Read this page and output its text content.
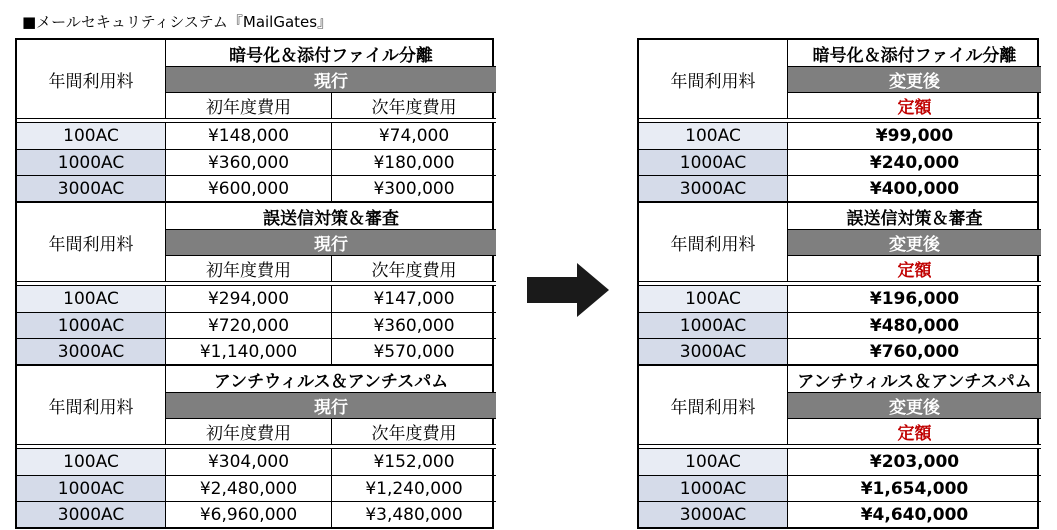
■メールセキュリティシステム『MailGates』
年間利用料
暗号化＆添付ファイル分離
現行
初年度費用	次年度費用
100AC	¥148,000	¥74,000
1000AC	¥360,000	¥180,000
3000AC	¥600,000	¥300,000
年間利用料
誤送信対策＆審査
現行
初年度費用	次年度費用
100AC	¥294,000	¥147,000
1000AC	¥720,000	¥360,000
3000AC	¥1,140,000	¥570,000
年間利用料
アンチウィルス＆アンチスパム
現行
初年度費用	次年度費用
100AC	¥304,000	¥152,000
1000AC	¥2,480,000	¥1,240,000
3000AC	¥6,960,000	¥3,480,000
年間利用料
暗号化＆添付ファイル分離
変更後
定額
100AC	¥99,000
1000AC	¥240,000
3000AC	¥400,000
年間利用料
誤送信対策＆審査
変更後
定額
100AC	¥196,000
1000AC	¥480,000
3000AC	¥760,000
年間利用料
アンチウィルス＆アンチスパム
変更後
定額
100AC	¥203,000
1000AC	¥1,654,000
3000AC	¥4,640,000
